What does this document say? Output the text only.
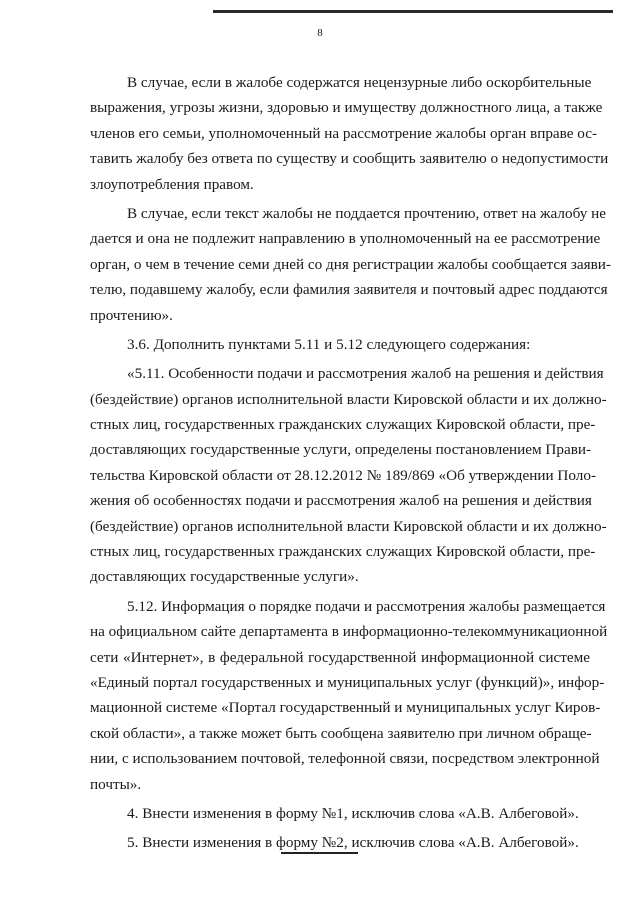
8
В случае, если в жалобе содержатся нецензурные либо оскорбительные
выражения, угрозы жизни, здоровью и имуществу должностного лица, а также
членов его семьи, уполномоченный на рассмотрение жалобы орган вправе ос-
тавить жалобу без ответа по существу и сообщить заявителю о недопустимости
злоупотребления правом.
В случае, если текст жалобы не поддается прочтению, ответ на жалобу не
дается и она не подлежит направлению в уполномоченный на ее рассмотрение
орган, о чем в течение семи дней со дня регистрации жалобы сообщается заяви-
телю, подавшему жалобу, если фамилия заявителя и почтовый адрес поддаются
прочтению».
3.6. Дополнить пунктами 5.11 и 5.12 следующего содержания:
«5.11. Особенности подачи и рассмотрения жалоб на решения и действия
(бездействие) органов исполнительной власти Кировской области и их должно-
стных лиц, государственных гражданских служащих Кировской области, пре-
доставляющих государственные услуги, определены постановлением Прави-
тельства Кировской области от 28.12.2012 № 189/869 «Об утверждении Поло-
жения об особенностях подачи и рассмотрения жалоб на решения и действия
(бездействие) органов исполнительной власти Кировской области и их должно-
стных лиц, государственных гражданских служащих Кировской области, пре-
доставляющих государственные услуги».
5.12. Информация о порядке подачи и рассмотрения жалобы размещается
на официальном сайте департамента в информационно-телекоммуникационной
сети «Интернет», в федеральной государственной информационной системе
«Единый портал государственных и муниципальных услуг (функций)», инфор-
мационной системе «Портал государственный и муниципальных услуг Киров-
ской области», а также может быть сообщена заявителю при личном обраще-
нии, с использованием почтовой, телефонной связи, посредством электронной
почты».
4. Внести изменения в форму №1, исключив слова «А.В. Албеговой».
5. Внести изменения в форму №2, исключив слова «А.В. Албеговой».
